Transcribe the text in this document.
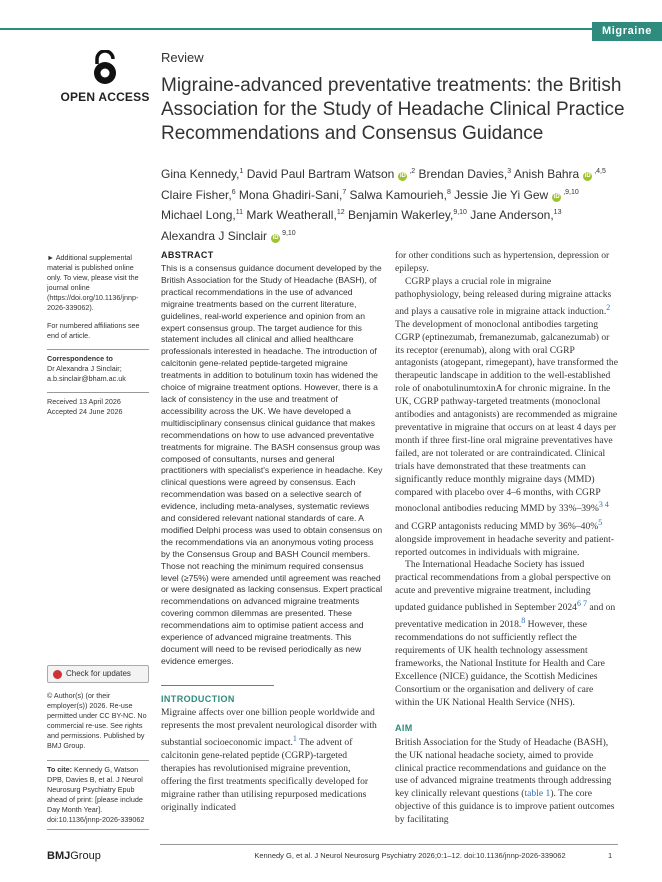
Migraine
OPEN ACCESS
Review
Migraine-advanced preventative treatments: the British Association for the Study of Headache Clinical Practice Recommendations and Consensus Guidance
Gina Kennedy,$^1$ David Paul Bartram Watson $iD^{,2}$ Brendan Davies,$^3$ Anish Bahra $iD^{,4,5}$
Claire Fisher,$^6$ Mona Ghadiri-Sani,$^7$ Salwa Kamourieh,$^8$ Jessie Jie Yi Gew $iD^{,9,10}$
Michael Long,$^{11}$ Mark Weatherall,$^{12}$ Benjamin Wakerley,$^{9,10}$ Jane Anderson,$^{13}$
Alexandra J Sinclair iD$^{9,10}$

► Additional supplemental material is published online only. To view, please visit the journal online (https://doi.org/10.1136/jnnp-2026-339062).

For numbered affiliations see end of article.

Correspondence to

Dr Alexandra J Sinclair; a.b.sinclair@bham.ac.uk

Received 13 April 2026

Accepted 24 June 2026

Check for updates
© Author(s) (or their employer(s)) 2026. Re-use permitted under CC BY-NC. No commercial re-use. See rights and permissions. Published by BMJ Group.
To cite: Kennedy G, Watson DPB, Davies B, et al. J Neurol Neurosurg Psychiatry Epub ahead of print: [please include Day Month Year]. doi:10.1136/jnnp-2026-339062
ABSTRACT
This is a consensus guidance document developed by the British Association for the Study of Headache (BASH), of practical recommendations in the use of advanced migraine treatments based on the current literature, guidelines, real-world experience and opinion from an expert consensus group. The target audience for this statement includes all clinical and allied healthcare professionals interested in headache. The introduction of calcitonin gene-related peptide-targeted migraine treatments in addition to botulinum toxin has widened the choice of migraine treatment options. However, there is a lack of consistency in the use and treatment of accessibility across the UK. We have developed a multidisciplinary consensus clinical guidance that makes recommendations on how to use advanced preventative treatments for migraine. The BASH consensus group was composed of consultants, nurses and general practitioners with specialist's experience in headache. Key clinical questions were agreed by consensus. Each recommendation was based on a selective search of evidence, including meta-analyses, systematic reviews and considered relevant national standards of care. A modified Delphi process was used to obtain consensus on the recommendations via an anonymous voting process by the Consensus Group and BASH Council members. Those not reaching the minimum required consensus level (≥75%) were amended until agreement was reached or were designated as lacking consensus. Expert practical recommendations on advanced migraine treatments covering common dilemmas are presented. These recommendations aim to optimise patient access and experience of advanced migraine treatments. This document will need to be revised periodically as new evidence emerges.
INTRODUCTION
Migraine affects over one billion people worldwide and represents the most prevalent neurological disorder with substantial socioeconomic impact.$^1$ The advent of calcitonin gene-related peptide (CGRP)-targeted therapies has revolutionised migraine prevention, offering the first treatments specifically developed for migraine rather than utilising repurposed medications originally indicated
for other conditions such as hypertension, depression or epilepsy.
CGRP plays a crucial role in migraine pathophysiology, being released during migraine attacks and plays a causative role in migraine attack induction.$^2$ The development of monoclonal antibodies targeting CGRP (eptinezumab, fremanezumab, galcanezumab) or its receptor (erenumab), along with oral CGRP antagonists (atogepant, rimegepant), have transformed the therapeutic landscape in addition to the well-established role of onabotulinumtoxinA for chronic migraine. In the UK, CGRP pathway-targeted treatments (monoclonal antibodies and antagonists) are recommended as migraine preventative in migraine that occurs on at least 4 days per month if three first-line oral migraine preventatives have failed, are not tolerated or are contraindicated. Clinical trials have demonstrated that these treatments can significantly reduce monthly migraine days (MMD) compared with placebo over 4–6 months, with CGRP monoclonal antibodies reducing MMD by 33%–39%$^{3 4}$ and CGRP antagonists reducing MMD by 36%–40%$^5$ alongside improvement in headache severity and patient-reported outcomes in individuals with migraine.
The International Headache Society has issued practical recommendations from a global perspective on acute and preventive migraine treatment, including updated guidance published in September $2024^{6 7}$ and on preventative medication in 2018.$^8$ However, these recommendations do not sufficiently reflect the requirements of UK health technology assessment frameworks, the National Institute for Health and Care Excellence (NICE) guidance, the Scottish Medicines Consortium or the organisation and delivery of care within the UK National Health Service (NHS).
AIM
British Association for the Study of Headache (BASH), the UK national headache society, aimed to provide clinical practice recommendations and guidance on the use of advanced migraine treatments through addressing key clinically relevant questions (table 1). The core objective of this guidance is to improve patient outcomes by facilitating
BMJGroup	Kennedy G, et al. J Neurol Neurosurg Psychiatry 2026;0:1–12. doi:10.1136/jnnp-2026-339062	1
